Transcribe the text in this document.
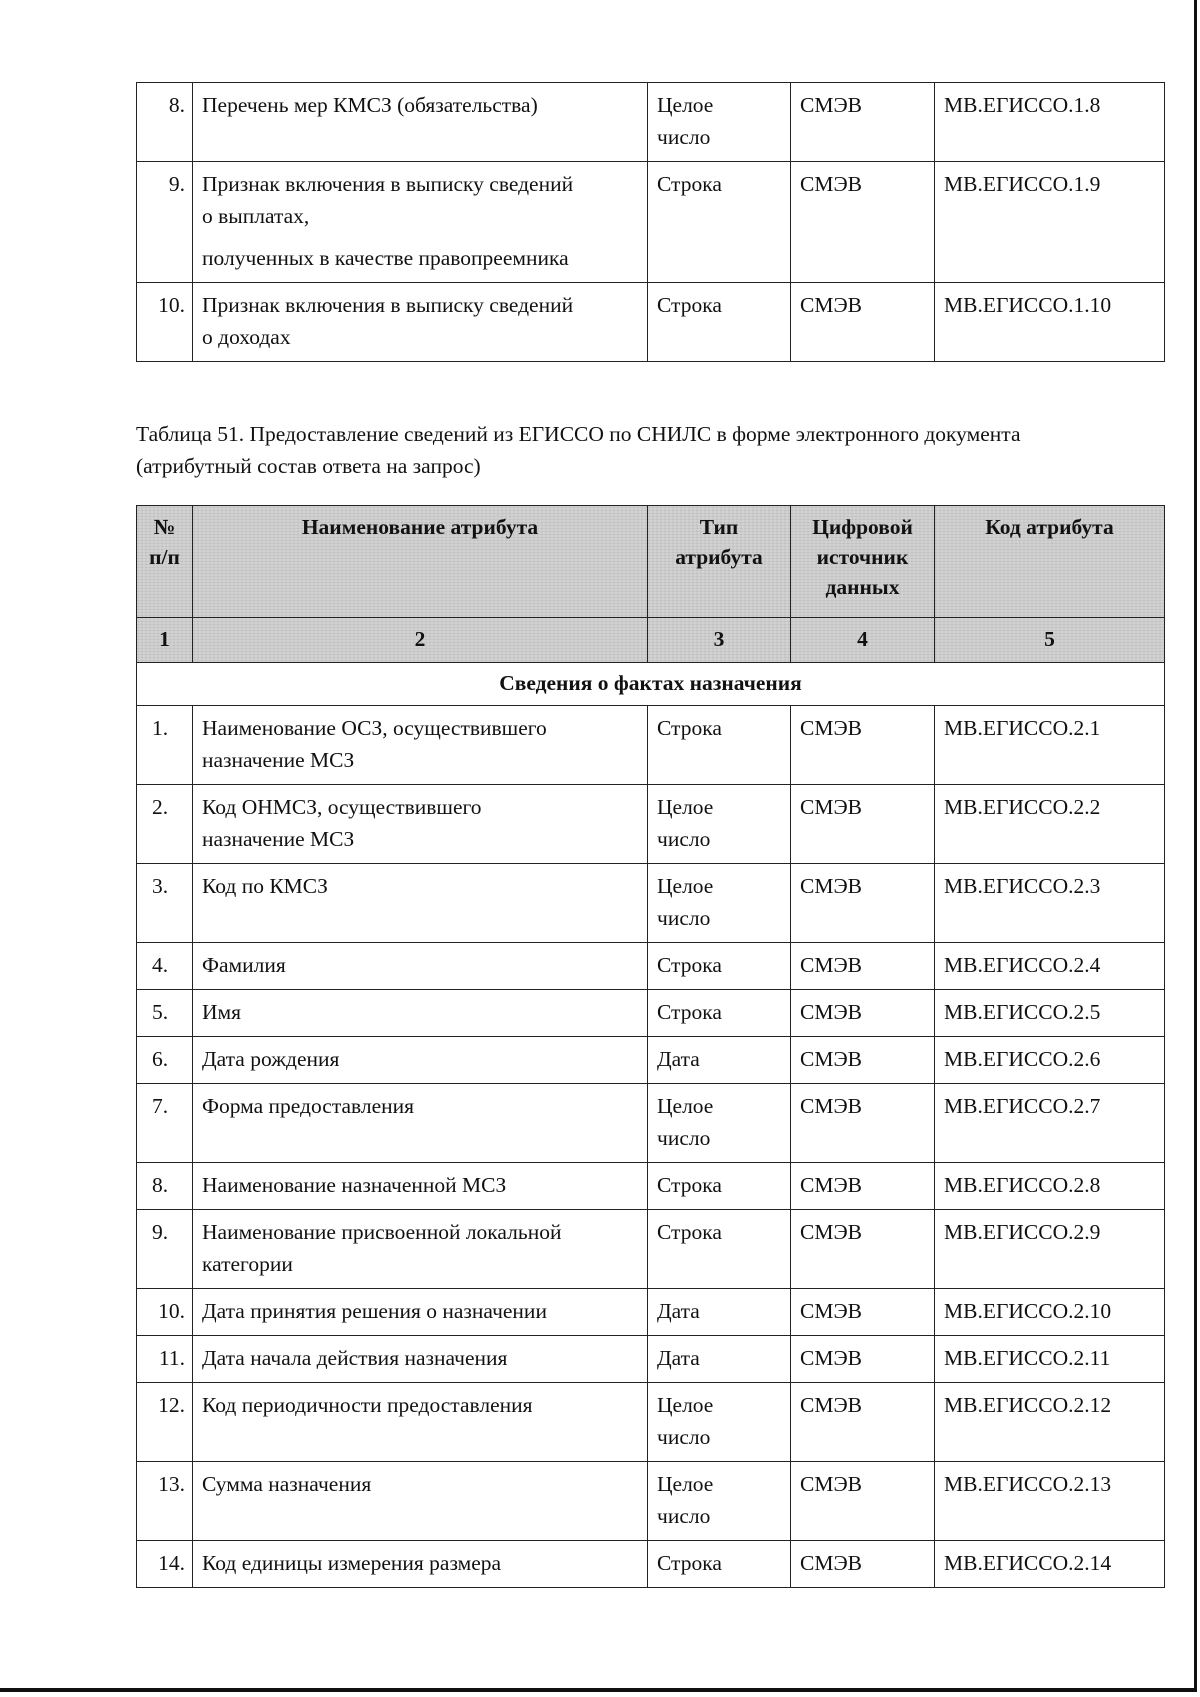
8.	Перечень мер КМСЗ (обязательства)	Целое
число	СМЭВ	МВ.ЕГИССО.1.8
9.	Признак включения в выписку сведений
о выплатах,
полученных в качестве правопреемника	Строка	СМЭВ	МВ.ЕГИССО.1.9
10.	Признак включения в выписку сведений
о доходах	Строка	СМЭВ	МВ.ЕГИССО.1.10
Таблица 51. Предоставление сведений из ЕГИССО по СНИЛС в форме электронного документа
(атрибутный состав ответа на запрос)
№
п/п	Наименование атрибута	Тип
атрибута	Цифровой
источник
данных	Код атрибута
1	2	3	4	5
Сведения о фактах назначения				
1.	Наименование ОСЗ, осуществившего
назначение МСЗ	Строка	СМЭВ	МВ.ЕГИССО.2.1
2.	Код ОНМСЗ, осуществившего
назначение МСЗ	Целое
число	СМЭВ	МВ.ЕГИССО.2.2
3.	Код по КМСЗ	Целое
число	СМЭВ	МВ.ЕГИССО.2.3
4.	Фамилия	Строка	СМЭВ	МВ.ЕГИССО.2.4
5.	Имя	Строка	СМЭВ	МВ.ЕГИССО.2.5
6.	Дата рождения	Дата	СМЭВ	МВ.ЕГИССО.2.6
7.	Форма предоставления	Целое
число	СМЭВ	МВ.ЕГИССО.2.7
8.	Наименование назначенной МСЗ	Строка	СМЭВ	МВ.ЕГИССО.2.8
9.	Наименование присвоенной локальной
категории	Строка	СМЭВ	МВ.ЕГИССО.2.9
10.	Дата принятия решения о назначении	Дата	СМЭВ	МВ.ЕГИССО.2.10
11.	Дата начала действия назначения	Дата	СМЭВ	МВ.ЕГИССО.2.11
12.	Код периодичности предоставления	Целое
число	СМЭВ	МВ.ЕГИССО.2.12
13.	Сумма назначения	Целое
число	СМЭВ	МВ.ЕГИССО.2.13
14.	Код единицы измерения размера	Строка	СМЭВ	МВ.ЕГИССО.2.14
